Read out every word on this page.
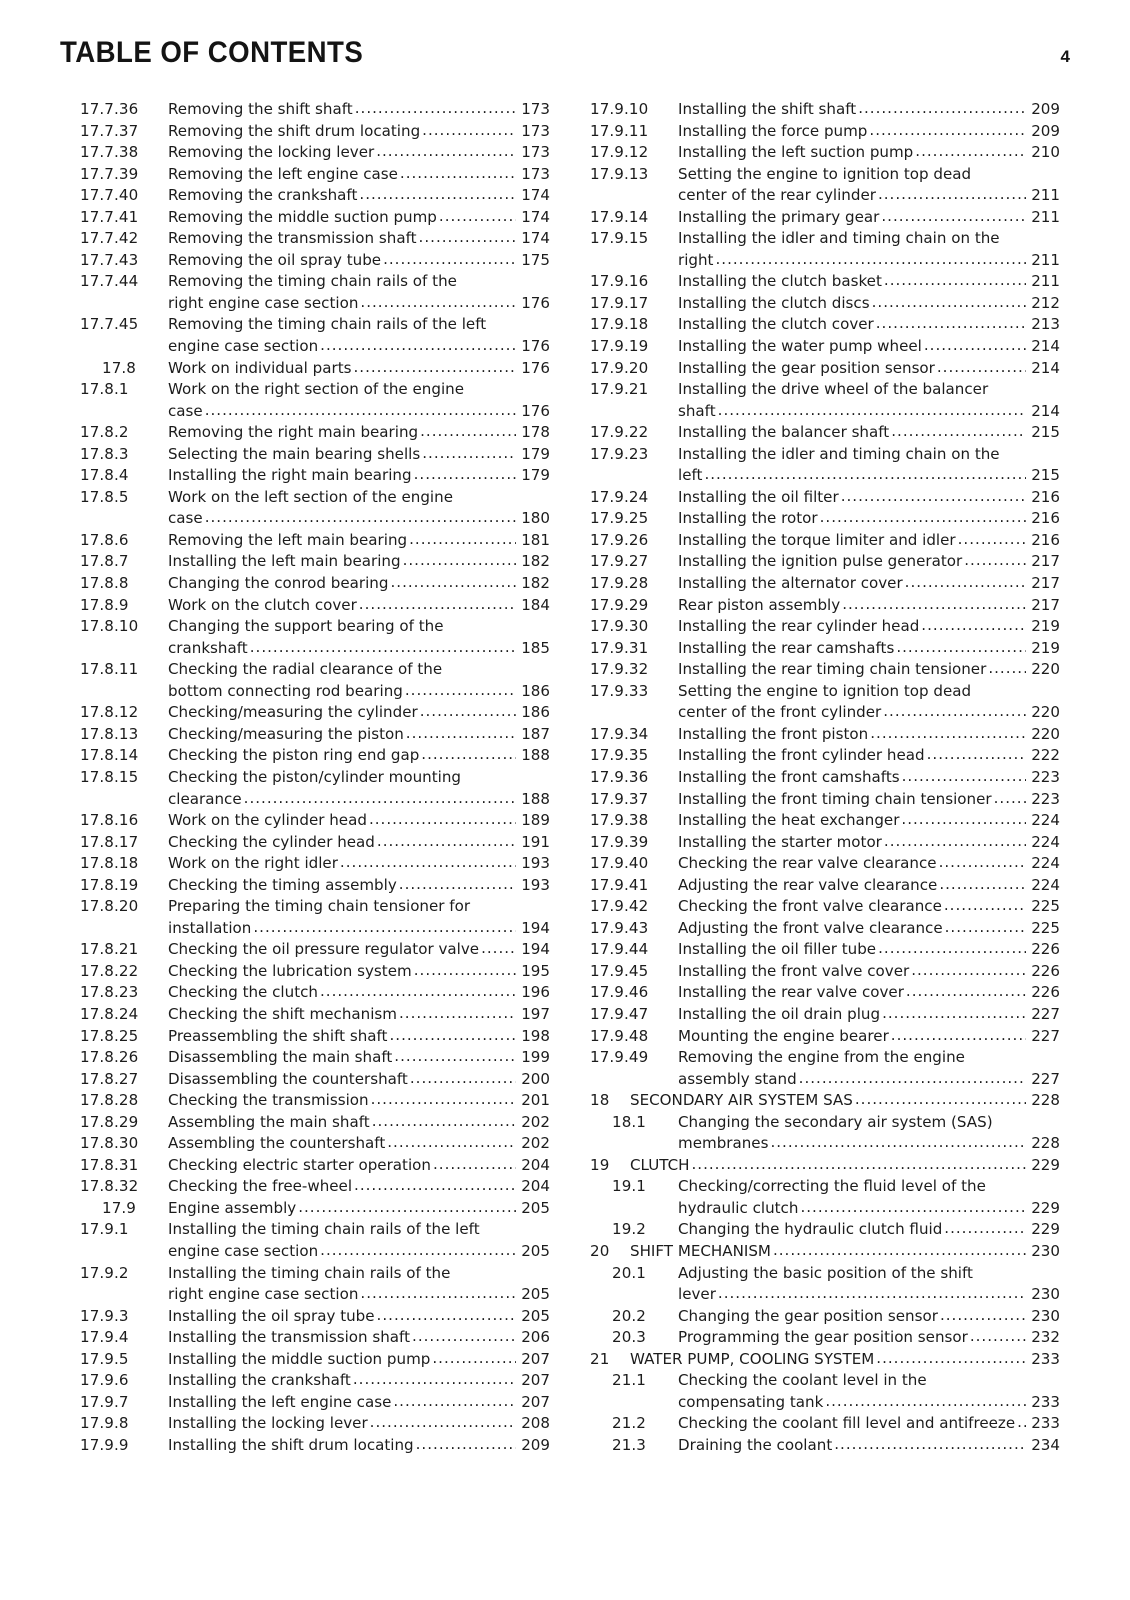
TABLE OF CONTENTS	4
17.7.36	Removing the shift shaft .....	173
17.7.37	Removing the shift drum locating .....	173
17.7.38	Removing the locking lever .....	173
17.7.39	Removing the left engine case .....	173
17.7.40	Removing the crankshaft .....	174
17.7.41	Removing the middle suction pump .....	174
17.7.42	Removing the transmission shaft .....	174
17.7.43	Removing the oil spray tube .....	175
17.7.44	Removing the timing chain rails of the
right engine case section .....	176
17.7.45	Removing the timing chain rails of the left
engine case section .....	176
17.8	Work on individual parts .....	176
17.8.1	Work on the right section of the engine
case .....	176
17.8.2	Removing the right main bearing .....	178
17.8.3	Selecting the main bearing shells .....	179
17.8.4	Installing the right main bearing .....	179
17.8.5	Work on the left section of the engine
case .....	180
17.8.6	Removing the left main bearing .....	181
17.8.7	Installing the left main bearing .....	182
17.8.8	Changing the conrod bearing .....	182
17.8.9	Work on the clutch cover .....	184
17.8.10	Changing the support bearing of the
crankshaft .....	185
17.8.11	Checking the radial clearance of the
bottom connecting rod bearing .....	186
17.8.12	Checking/measuring the cylinder .....	186
17.8.13	Checking/measuring the piston .....	187
17.8.14	Checking the piston ring end gap .....	188
17.8.15	Checking the piston/cylinder mounting
clearance .....	188
17.8.16	Work on the cylinder head .....	189
17.8.17	Checking the cylinder head .....	191
17.8.18	Work on the right idler .....	193
17.8.19	Checking the timing assembly .....	193
17.8.20	Preparing the timing chain tensioner for
installation .....	194
17.8.21	Checking the oil pressure regulator valve .....	194
17.8.22	Checking the lubrication system .....	195
17.8.23	Checking the clutch .....	196
17.8.24	Checking the shift mechanism .....	197
17.8.25	Preassembling the shift shaft .....	198
17.8.26	Disassembling the main shaft .....	199
17.8.27	Disassembling the countershaft .....	200
17.8.28	Checking the transmission .....	201
17.8.29	Assembling the main shaft .....	202
17.8.30	Assembling the countershaft .....	202
17.8.31	Checking electric starter operation .....	204
17.8.32	Checking the free-wheel .....	204
17.9	Engine assembly .....	205
17.9.1	Installing the timing chain rails of the left
engine case section .....	205
17.9.2	Installing the timing chain rails of the
right engine case section .....	205
17.9.3	Installing the oil spray tube .....	205
17.9.4	Installing the transmission shaft .....	206
17.9.5	Installing the middle suction pump .....	207
17.9.6	Installing the crankshaft .....	207
17.9.7	Installing the left engine case .....	207
17.9.8	Installing the locking lever .....	208
17.9.9	Installing the shift drum locating .....	209
17.9.10	Installing the shift shaft .....	209
17.9.11	Installing the force pump .....	209
17.9.12	Installing the left suction pump .....	210
17.9.13	Setting the engine to ignition top dead
center of the rear cylinder .....	211
17.9.14	Installing the primary gear .....	211
17.9.15	Installing the idler and timing chain on the
right .....	211
17.9.16	Installing the clutch basket .....	211
17.9.17	Installing the clutch discs .....	212
17.9.18	Installing the clutch cover .....	213
17.9.19	Installing the water pump wheel .....	214
17.9.20	Installing the gear position sensor .....	214
17.9.21	Installing the drive wheel of the balancer
shaft .....	214
17.9.22	Installing the balancer shaft .....	215
17.9.23	Installing the idler and timing chain on the
left .....	215
17.9.24	Installing the oil filter .....	216
17.9.25	Installing the rotor .....	216
17.9.26	Installing the torque limiter and idler .....	216
17.9.27	Installing the ignition pulse generator .....	217
17.9.28	Installing the alternator cover .....	217
17.9.29	Rear piston assembly .....	217
17.9.30	Installing the rear cylinder head .....	219
17.9.31	Installing the rear camshafts .....	219
17.9.32	Installing the rear timing chain tensioner .....	220
17.9.33	Setting the engine to ignition top dead
center of the front cylinder .....	220
17.9.34	Installing the front piston .....	220
17.9.35	Installing the front cylinder head .....	222
17.9.36	Installing the front camshafts .....	223
17.9.37	Installing the front timing chain tensioner .....	223
17.9.38	Installing the heat exchanger .....	224
17.9.39	Installing the starter motor .....	224
17.9.40	Checking the rear valve clearance .....	224
17.9.41	Adjusting the rear valve clearance .....	224
17.9.42	Checking the front valve clearance .....	225
17.9.43	Adjusting the front valve clearance .....	225
17.9.44	Installing the oil filler tube .....	226
17.9.45	Installing the front valve cover .....	226
17.9.46	Installing the rear valve cover .....	226
17.9.47	Installing the oil drain plug .....	227
17.9.48	Mounting the engine bearer .....	227
17.9.49	Removing the engine from the engine
assembly stand .....	227
18	SECONDARY AIR SYSTEM SAS .....	228
18.1	Changing the secondary air system (SAS)
membranes .....	228
19	CLUTCH .....	229
19.1	Checking/correcting the fluid level of the
hydraulic clutch .....	229
19.2	Changing the hydraulic clutch fluid .....	229
20	SHIFT MECHANISM .....	230
20.1	Adjusting the basic position of the shift
lever .....	230
20.2	Changing the gear position sensor .....	230
20.3	Programming the gear position sensor .....	232
21	WATER PUMP, COOLING SYSTEM .....	233
21.1	Checking the coolant level in the
compensating tank .....	233
21.2	Checking the coolant fill level and antifreeze ..... 233
21.3	Draining the coolant .....	234
